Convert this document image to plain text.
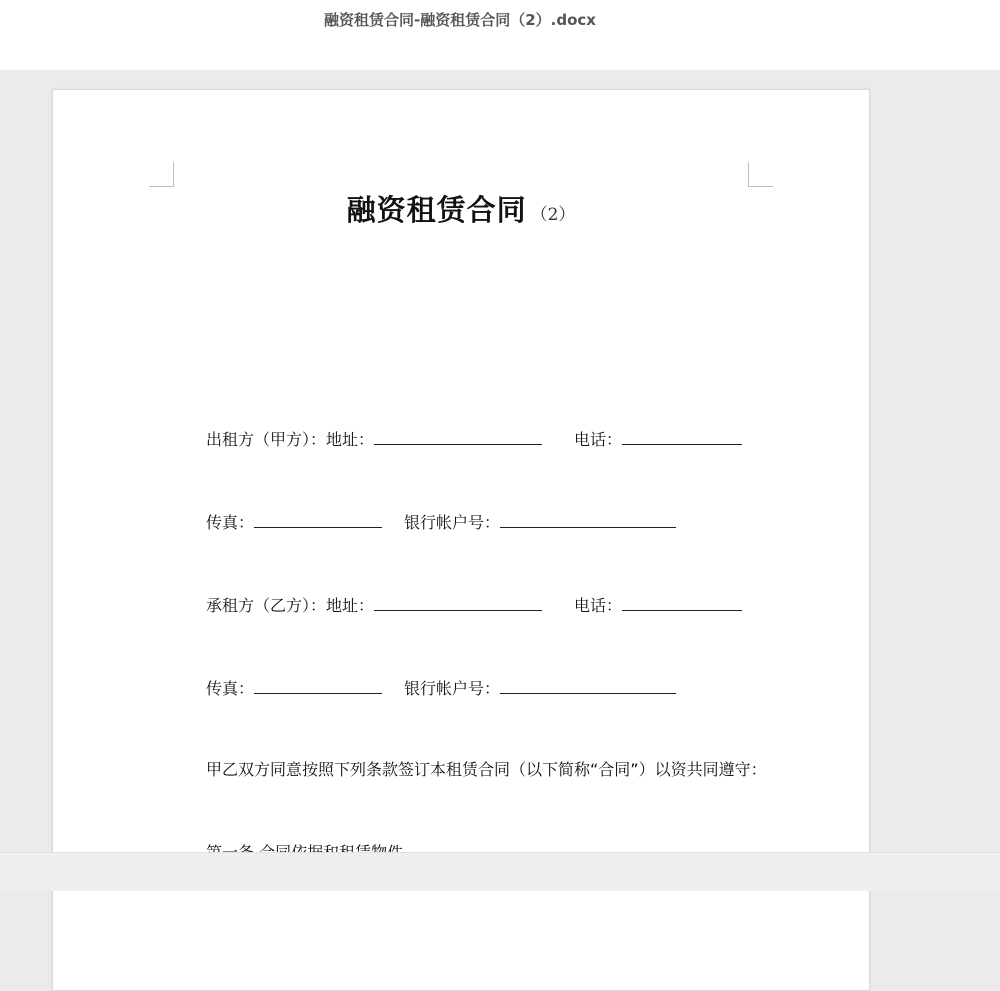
融资租赁合同-融资租赁合同（2）.docx
融资租赁合同 （2）
出租方（甲方）：地址：	电话：
传真：	银行帐户号：
承租方（乙方）：地址：	电话：
传真：	银行帐户号：
甲乙双方同意按照下列条款签订本租赁合同（以下简称“合同”）以资共同遵守：
